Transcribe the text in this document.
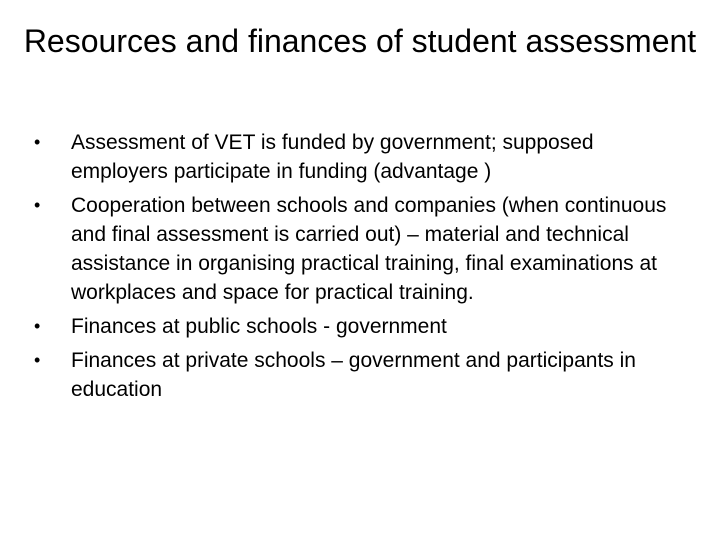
Resources and finances of student assessment
• Assessment of VET is funded by government; supposed employers participate in funding (advantage )
• Cooperation between schools and companies (when continuous and final assessment is carried out) – material and technical assistance in organising practical training, final examinations at workplaces and space for practical training.
• Finances at public schools - government
• Finances at private schools – government and participants in education
